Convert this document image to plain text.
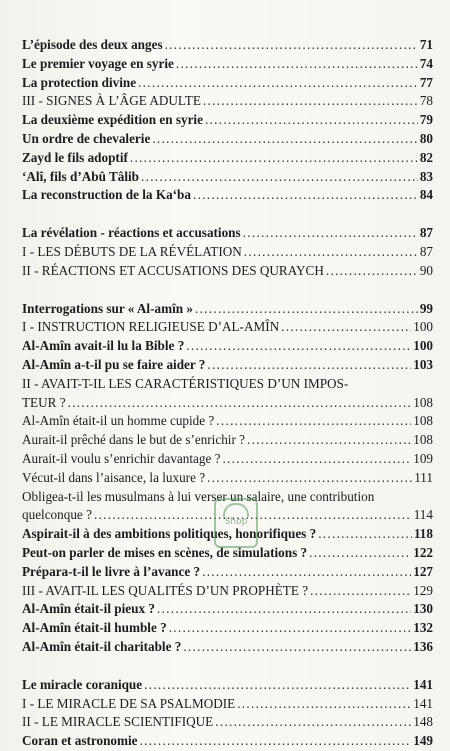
L’épisode des deux anges . . .	71
Le premier voyage en syrie . . .	74
La protection divine . . .	77
III - SIGNES À L’ÂGE ADULTE . . .	78
La deuxième expédition en syrie . . .	79
Un ordre de chevalerie . . .	80
Zayd le fils adoptif . . .	82
‘Alî, fils d’Abû Tâlib . . .	83
La reconstruction de la Ka‘ba . . .	84
La révélation - réactions et accusations . . .	87
I - LES DÉBUTS DE LA RÉVÉLATION . . .	87
II - RÉACTIONS ET ACCUSATIONS DES QURAYCH . . .	90
Interrogations sur « Al-amîn » . . .	99
I - INSTRUCTION RELIGIEUSE D’AL-AMÎN . . .	100
Al-Amîn avait-il lu la Bible ? . . .	100
Al-Amîn a-t-il pu se faire aider ? . . .	103
II - AVAIT-T-IL LES CARACTÉRISTIQUES D’UN IMPOS-
TEUR ? . . .	108
Al-Amîn était-il un homme cupide ? . . .	108
Aurait-il prêché dans le but de s’enrichir ? . . .	108
Aurait-il voulu s’enrichir davantage ? . . .	109
Vécut-il dans l’aisance, la luxure ? . . .	111
Obligea-t-il les musulmans à lui verser un salaire, une contribution
quelconque ? . . .	114
Aspirait-il à des ambitions politiques, honorifiques ? . . .	118
Peut-on parler de mises en scènes, de simulations ? . . .	122
Prépara-t-il le livre à l’avance ? . . .	127
III - AVAIT-IL LES QUALITÉS D’UN PROPHÈTE ? . . .	129
Al-Amîn était-il pieux ? . . .	130
Al-Amîn était-il humble ? . . .	132
Al-Amîn était-il charitable ? . . .	136
Le miracle coranique . . .	141
I - LE MIRACLE DE SA PSALMODIE . . .	141
II - LE MIRACLE SCIENTIFIQUE . . .	148
Coran et astronomie . . .	149
Shop
